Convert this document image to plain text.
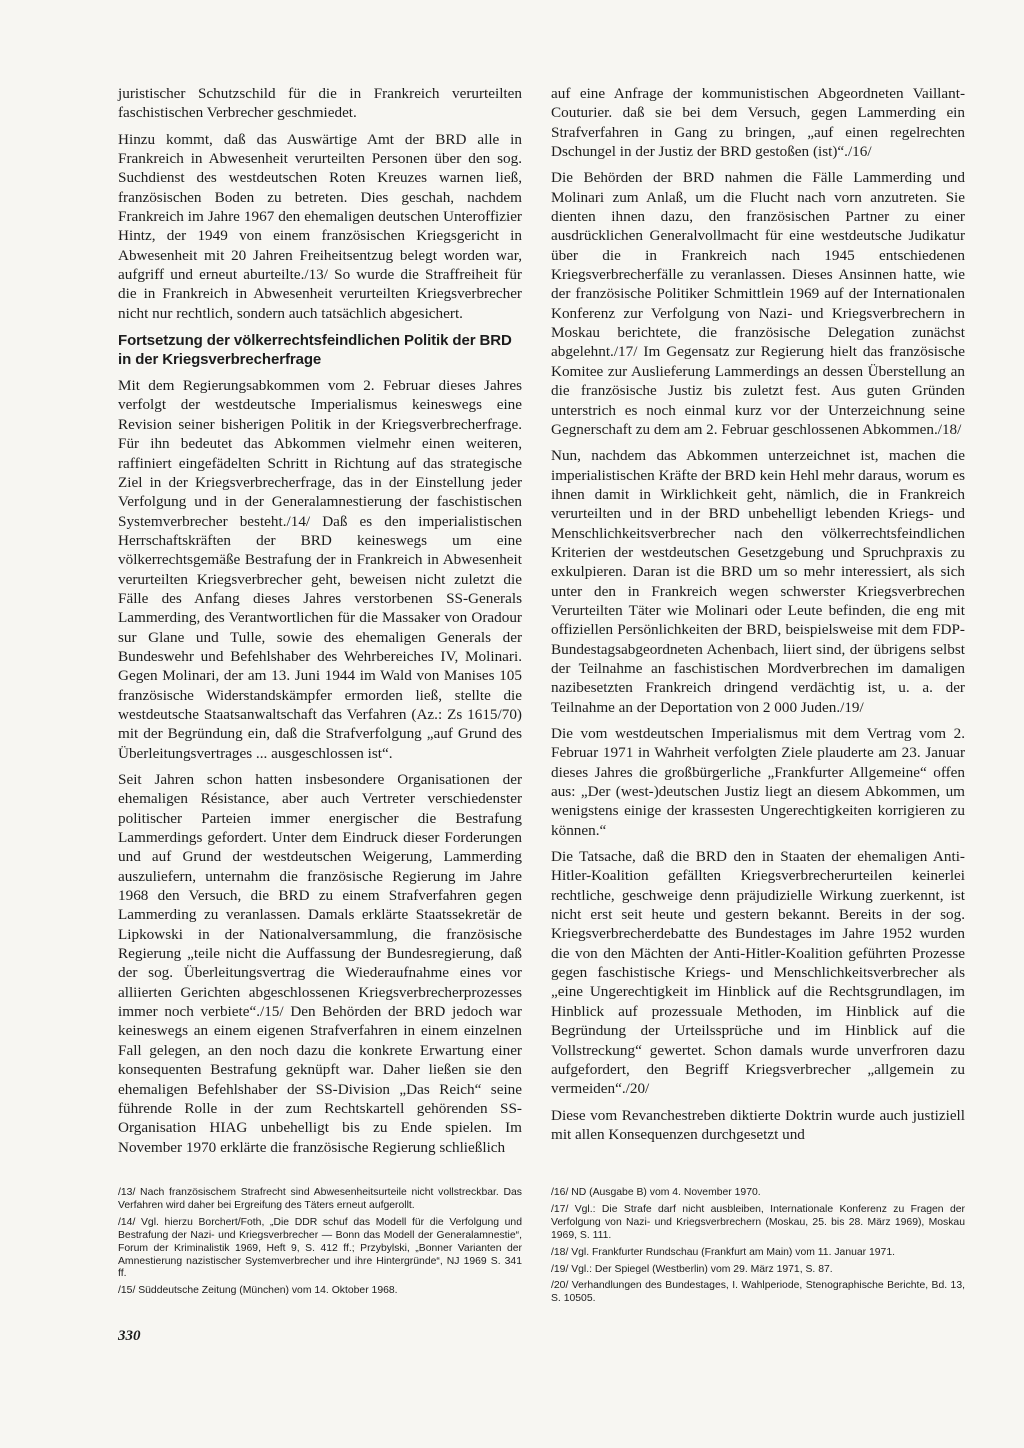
juristischer Schutzschild für die in Frankreich verurteilten faschistischen Verbrecher geschmiedet.

Hinzu kommt, daß das Auswärtige Amt der BRD alle in Frankreich in Abwesenheit verurteilten Personen über den sog. Suchdienst des westdeutschen Roten Kreuzes warnen ließ, französischen Boden zu betreten. Dies geschah, nachdem Frankreich im Jahre 1967 den ehemaligen deutschen Unteroffizier Hintz, der 1949 von einem französischen Kriegsgericht in Abwesenheit mit 20 Jahren Freiheitsentzug belegt worden war, aufgriff und erneut aburteilte./13/ So wurde die Straffreiheit für die in Frankreich in Abwesenheit verurteilten Kriegsverbrecher nicht nur rechtlich, sondern auch tatsächlich abgesichert.

Fortsetzung der völkerrechtsfeindlichen Politik der BRD in der Kriegsverbrecherfrage

Mit dem Regierungsabkommen vom 2. Februar dieses Jahres verfolgt der westdeutsche Imperialismus keineswegs eine Revision seiner bisherigen Politik in der Kriegsverbrecherfrage. Für ihn bedeutet das Abkommen vielmehr einen weiteren, raffiniert eingefädelten Schritt in Richtung auf das strategische Ziel in der Kriegsverbrecherfrage, das in der Einstellung jeder Verfolgung und in der Generalamnestierung der faschistischen Systemverbrecher besteht./14/ Daß es den imperialistischen Herrschaftskräften der BRD keineswegs um eine völkerrechtsgemäße Bestrafung der in Frankreich in Abwesenheit verurteilten Kriegsverbrecher geht, beweisen nicht zuletzt die Fälle des Anfang dieses Jahres verstorbenen SS-Generals Lammerding, des Verantwortlichen für die Massaker von Oradour sur Glane und Tulle, sowie des ehemaligen Generals der Bundeswehr und Befehlshaber des Wehrbereiches IV, Molinari. Gegen Molinari, der am 13. Juni 1944 im Wald von Manises 105 französische Widerstandskämpfer ermorden ließ, stellte die westdeutsche Staatsanwaltschaft das Verfahren (Az.: Zs 1615/70) mit der Begründung ein, daß die Strafverfolgung „auf Grund des Überleitungsvertrages ... ausgeschlossen ist“.

Seit Jahren schon hatten insbesondere Organisationen der ehemaligen Résistance, aber auch Vertreter verschiedenster politischer Parteien immer energischer die Bestrafung Lammerdings gefordert. Unter dem Eindruck dieser Forderungen und auf Grund der westdeutschen Weigerung, Lammerding auszuliefern, unternahm die französische Regierung im Jahre 1968 den Versuch, die BRD zu einem Strafverfahren gegen Lammerding zu veranlassen. Damals erklärte Staatssekretär de Lipkowski in der Nationalversammlung, die französische Regierung „teile nicht die Auffassung der Bundesregierung, daß der sog. Überleitungsvertrag die Wiederaufnahme eines vor alliierten Gerichten abgeschlossenen Kriegsverbrecherprozesses immer noch verbiete“./15/ Den Behörden der BRD jedoch war keineswegs an einem eigenen Strafverfahren in einem einzelnen Fall gelegen, an den noch dazu die konkrete Erwartung einer konsequenten Bestrafung geknüpft war. Daher ließen sie den ehemaligen Befehlshaber der SS-Division „Das Reich“ seine führende Rolle in der zum Rechtskartell gehörenden SS-Organisation HIAG unbehelligt bis zu Ende spielen. Im November 1970 erklärte die französische Regierung schließlich

auf eine Anfrage der kommunistischen Abgeordneten Vaillant-Couturier. daß sie bei dem Versuch, gegen Lammerding ein Strafverfahren in Gang zu bringen, „auf einen regelrechten Dschungel in der Justiz der BRD gestoßen (ist)“./16/

Die Behörden der BRD nahmen die Fälle Lammerding und Molinari zum Anlaß, um die Flucht nach vorn anzutreten. Sie dienten ihnen dazu, den französischen Partner zu einer ausdrücklichen Generalvollmacht für eine westdeutsche Judikatur über die in Frankreich nach 1945 entschiedenen Kriegsverbrecherfälle zu veranlassen. Dieses Ansinnen hatte, wie der französische Politiker Schmittlein 1969 auf der Internationalen Konferenz zur Verfolgung von Nazi- und Kriegsverbrechern in Moskau berichtete, die französische Delegation zunächst abgelehnt./17/ Im Gegensatz zur Regierung hielt das französische Komitee zur Auslieferung Lammerdings an dessen Überstellung an die französische Justiz bis zuletzt fest. Aus guten Gründen unterstrich es noch einmal kurz vor der Unterzeichnung seine Gegnerschaft zu dem am 2. Februar geschlossenen Abkommen./18/

Nun, nachdem das Abkommen unterzeichnet ist, machen die imperialistischen Kräfte der BRD kein Hehl mehr daraus, worum es ihnen damit in Wirklichkeit geht, nämlich, die in Frankreich verurteilten und in der BRD unbehelligt lebenden Kriegs- und Menschlichkeitsverbrecher nach den völkerrechtsfeindlichen Kriterien der westdeutschen Gesetzgebung und Spruchpraxis zu exkulpieren. Daran ist die BRD um so mehr interessiert, als sich unter den in Frankreich wegen schwerster Kriegsverbrechen Verurteilten Täter wie Molinari oder Leute befinden, die eng mit offiziellen Persönlichkeiten der BRD, beispielsweise mit dem FDP-Bundestagsabgeordneten Achenbach, liiert sind, der übrigens selbst der Teilnahme an faschistischen Mordverbrechen im damaligen nazibesetzten Frankreich dringend verdächtig ist, u. a. der Teilnahme an der Deportation von 2 000 Juden./19/

Die vom westdeutschen Imperialismus mit dem Vertrag vom 2. Februar 1971 in Wahrheit verfolgten Ziele plauderte am 23. Januar dieses Jahres die großbürgerliche „Frankfurter Allgemeine“ offen aus: „Der (west-)deutschen Justiz liegt an diesem Abkommen, um wenigstens einige der krassesten Ungerechtigkeiten korrigieren zu können.“

Die Tatsache, daß die BRD den in Staaten der ehemaligen Anti-Hitler-Koalition gefällten Kriegsverbrecherurteilen keinerlei rechtliche, geschweige denn präjudizielle Wirkung zuerkennt, ist nicht erst seit heute und gestern bekannt. Bereits in der sog. Kriegsverbrecherdebatte des Bundestages im Jahre 1952 wurden die von den Mächten der Anti-Hitler-Koalition geführten Prozesse gegen faschistische Kriegs- und Menschlichkeitsverbrecher als „eine Ungerechtigkeit im Hinblick auf die Rechtsgrundlagen, im Hinblick auf prozessuale Methoden, im Hinblick auf die Begründung der Urteilssprüche und im Hinblick auf die Vollstreckung“ gewertet. Schon damals wurde unverfroren dazu aufgefordert, den Begriff Kriegsverbrecher „allgemein zu vermeiden“./20/

Diese vom Revanchestreben diktierte Doktrin wurde auch justiziell mit allen Konsequenzen durchgesetzt und

/13/ Nach französischem Strafrecht sind Abwesenheitsurteile nicht vollstreckbar. Das Verfahren wird daher bei Ergreifung des Täters erneut aufgerollt.

/14/ Vgl. hierzu Borchert/Foth, „Die DDR schuf das Modell für die Verfolgung und Bestrafung der Nazi- und Kriegsverbrecher — Bonn das Modell der Generalamnestie“, Forum der Kriminalistik 1969, Heft 9, S. 412 ff.; Przybylski, „Bonner Varianten der Amnestierung nazistischer Systemverbrecher und ihre Hintergründe“, NJ 1969 S. 341 ff.

/15/ Süddeutsche Zeitung (München) vom 14. Oktober 1968.

/16/ ND (Ausgabe B) vom 4. November 1970.

/17/ Vgl.: Die Strafe darf nicht ausbleiben, Internationale Konferenz zu Fragen der Verfolgung von Nazi- und Kriegsverbrechern (Moskau, 25. bis 28. März 1969), Moskau 1969, S. 111.

/18/ Vgl. Frankfurter Rundschau (Frankfurt am Main) vom 11. Januar 1971.

/19/ Vgl.: Der Spiegel (Westberlin) vom 29. März 1971, S. 87.

/20/ Verhandlungen des Bundestages, I. Wahlperiode, Stenographische Berichte, Bd. 13, S. 10505.

330
